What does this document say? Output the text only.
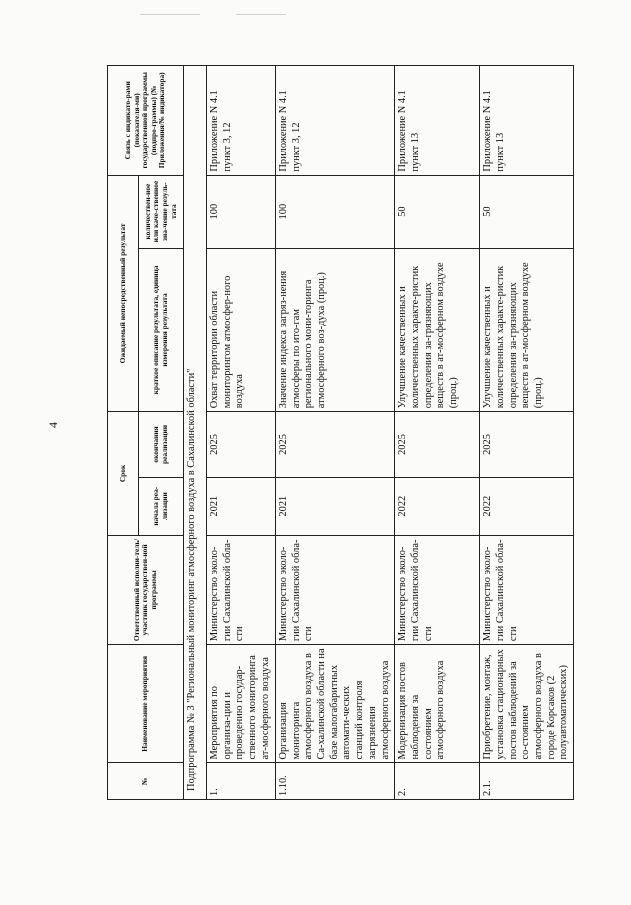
4
№	Наименование мероприятия	Ответственный исполни-тель/участник государствен-ной программы	Срок		Ожидаемый непосредственный результат		Связь с индикато-рами (показателя-ми) государственной программы (подпро-граммы) (№ Приложения/№ индикатора)
			начала реа-лизации	окончания реализации	краткое описание результата, единица измерения результата	количествен-ное или каче-ственное зна-чение резуль-тата	
Подпрограмма № 3 "Региональный мониторинг атмосферного воздуха в Сахалинской области"							
1.	Мероприятия по организа-ции и проведению государ-ственного мониторинга ат-мосферного воздуха	Министерство эколо-гии Сахалинской обла-сти	2021	2025	Охват территории области мониторингом атмосфер-ного воздуха	100	Приложение N 4.1 пункт 3, 12
1.10.	Организация мониторинга атмосферного воздуха в Са-халинской области на базе малогабаритных автомати-ческих станций контроля загрязнения атмосферного воздуха	Министерство эколо-гии Сахалинской обла-сти	2021	2025	Значение индекса загряз-нения атмосферы по ито-гам регионального мони-торинга атмосферного воз-духа (проц.)	100	Приложение N 4.1 пункт 3, 12
2.	Модернизация постов наблюдения за состоянием атмосферного воздуха	Министерство эколо-гии Сахалинской обла-сти	2022	2025	Улучшение качественных и количественных характе-ристик определения за-грязняющих веществ в ат-мосферном воздухе (проц.)	50	Приложение N 4.1 пункт 13
2.1.	Приобретение, монтаж, установка стационарных постов наблюдений за со-стоянием атмосферного воздуха в городе Корсаков (2 полуавтоматических)	Министерство эколо-гии Сахалинской обла-сти	2022	2025	Улучшение качественных и количественных характе-ристик определения за-грязняющих веществ в ат-мосферном воздухе (проц.)	50	Приложение N 4.1 пункт 13
